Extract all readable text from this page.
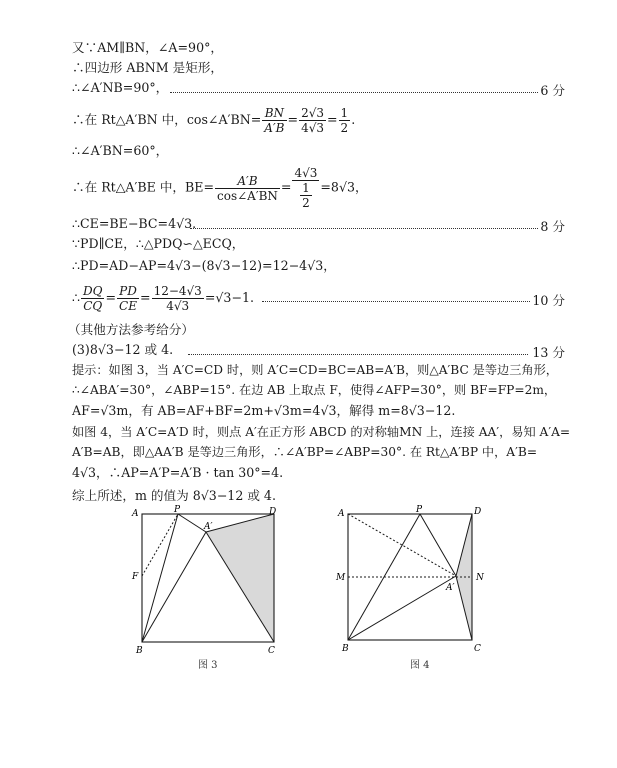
又∵AM∥BN，∠A=90°，
∴四边形 ABNM 是矩形，
∴∠A′NB=90°，	6 分
∴在 Rt△A′BN 中，cos∠A′BN= $\frac{BN}{A'B} = \frac{2√3}{4√3} = \frac{1}{2}$ .
∴∠A′BN=60°，
∴在 Rt△A′BE 中，$BE= \frac{A'B}{\cos\angle A'BN} = \frac{4√3}{\frac{1}{2}} =8√3$，
∴CE=BE−BC=4√3.	8 分
∵PD∥CE，∴△PDQ∽△ECQ，
∴PD=AD−AP=4√3−(8√3−12)=12−4√3，
∴ $\frac{DQ}{CQ} = \frac{PD}{CE} = \frac{12-4√3}{4√3} =√3-1$.	10 分
（其他方法参考给分）
(3)8√3−12 或 4.	13 分
提示：如图 3，当 A′C=CD 时，则 A′C=CD=BC=AB=A′B，则△A′BC 是等边三角形，
∴∠ABA′=30°，∠ABP=15°. 在边 AB 上取点 F，使得∠AFP=30°，则 BF=FP=2m，
AF=√3m，有 AB=AF+BF=2m+√3m=4√3，解得 m=8√3−12.
如图 4，当 A′C=A′D 时，则点 A′在正方形 ABCD 的对称轴MN 上，连接 AA′，易知 A′A=
A′B=AB，即△AA′B 是等边三角形，∴∠A′BP=∠ABP=30°. 在 Rt△A′BP 中，A′B=
4√3，∴AP=A′P=A′B · tan 30°=4.
综上所述，m 的值为 8√3−12 或 4.
A	P
A′
D
F
B	C
图 3
A	P	D
M	N
A′
B	C
图 4
